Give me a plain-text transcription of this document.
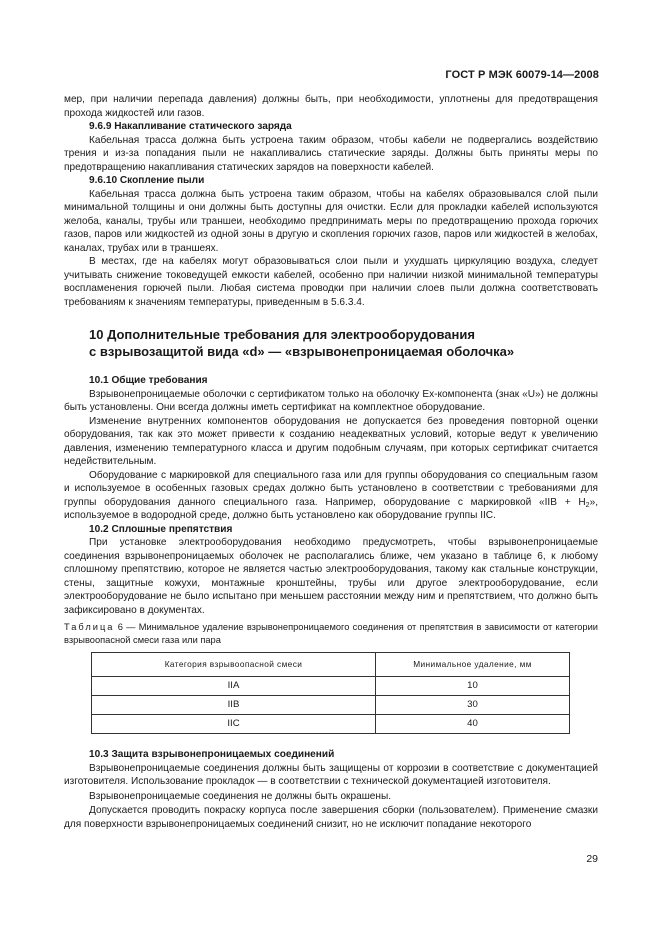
ГОСТ Р МЭК 60079-14—2008

мер, при наличии перепада давления) должны быть, при необходимости, уплотнены для предотвращения прохода жидкостей или газов.

9.6.9 Накапливание статического заряда

Кабельная трасса должна быть устроена таким образом, чтобы кабели не подвергались воздействию трения и из-за попадания пыли не накапливались статические заряды. Должны быть приняты меры по предотвращению накапливания статических зарядов на поверхности кабелей.

9.6.10 Скопление пыли

Кабельная трасса должна быть устроена таким образом, чтобы на кабелях образовывался слой пыли минимальной толщины и они должны быть доступны для очистки. Если для прокладки кабелей используются желоба, каналы, трубы или траншеи, необходимо предпринимать меры по предотвращению прохода горючих газов, паров или жидкостей из одной зоны в другую и скопления горючих газов, паров или жидкостей в желобах, каналах, трубах или в траншеях.

В местах, где на кабелях могут образовываться слои пыли и ухудшать циркуляцию воздуха, следует учитывать снижение токоведущей емкости кабелей, особенно при наличии низкой минимальной температуры воспламенения горючей пыли. Любая система проводки при наличии слоев пыли должна соответствовать требованиям к значениям температуры, приведенным в 5.6.3.4.

10 Дополнительные требования для электрооборудования
с взрывозащитой вида «d» — «взрывонепроницаемая оболочка»

10.1 Общие требования

Взрывонепроницаемые оболочки с сертификатом только на оболочку Ex-компонента (знак «U») не должны быть установлены. Они всегда должны иметь сертификат на комплектное оборудование.

Изменение внутренних компонентов оборудования не допускается без проведения повторной оценки оборудования, так как это может привести к созданию неадекватных условий, которые ведут к увеличению давления, изменению температурного класса и другим подобным случаям, при которых сертификат считается недействительным.

Оборудование с маркировкой для специального газа или для группы оборудования со специальным газом и используемое в особенных газовых средах должно быть установлено в соответствии с требованиями для группы оборудования данного специального газа. Например, оборудование с маркировкой «IIB + $H_2$», используемое в водородной среде, должно быть установлено как оборудование группы IIC.

10.2 Сплошные препятствия

При установке электрооборудования необходимо предусмотреть, чтобы взрывонепроницаемые соединения взрывонепроницаемых оболочек не располагались ближе, чем указано в таблице 6, к любому сплошному препятствию, которое не является частью электрооборудования, такому как стальные конструкции, стены, защитные кожухи, монтажные кронштейны, трубы или другое электрооборудование, если электрооборудование не было испытано при меньшем расстоянии между ним и препятствием, что должно быть зафиксировано в документах.

Таблица 6 — Минимальное удаление взрывонепроницаемого соединения от препятствия в зависимости от категории взрывоопасной смеси газа или пара

Категория взрывоопасной смеси	Минимальное удаление, мм
IIA	10
IIB	30
IIC	40

10.3 Защита взрывонепроницаемых соединений

Взрывонепроницаемые соединения должны быть защищены от коррозии в соответствие с документацией изготовителя. Использование прокладок — в соответствии с технической документацией изготовителя.

Взрывонепроницаемые соединения не должны быть окрашены.

Допускается проводить покраску корпуса после завершения сборки (пользователем). Применение смазки для поверхности взрывонепроницаемых соединений снизит, но не исключит попадание некоторого

29
